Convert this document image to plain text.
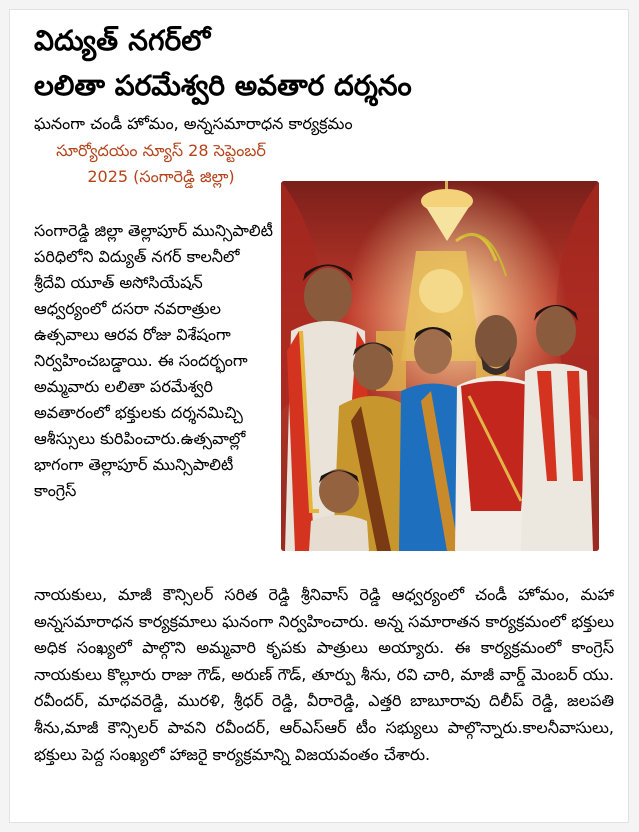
విద్యుత్ నగర్‌లో
లలితా పరమేశ్వరి అవతార దర్శనం
ఘనంగా చండీ హోమం, అన్నసమారాధన కార్యక్రమం
సూర్యోదయం న్యూస్ 28 సెప్టెంబర్ 2025 (సంగారెడ్డి జిల్లా)
సంగారెడ్డి జిల్లా తెల్లాపూర్ మున్సిపాలిటీ పరిధిలోని విద్యుత్ నగర్ కాలనీలో శ్రీదేవి యూత్ అసోసియేషన్ ఆధ్వర్యంలో దసరా నవరాత్రుల ఉత్సవాలు ఆరవ రోజు విశేషంగా నిర్వహించబడ్డాయి. ఈ సందర్భంగా అమ్మవారు లలితా పరమేశ్వరి అవతారంలో భక్తులకు దర్శనమిచ్చి ఆశీస్సులు కురిపించారు.ఉత్సవాల్లో భాగంగా తెల్లాపూర్ మున్సిపాలిటీ కాంగ్రెస్
నాయకులు, మాజీ కౌన్సిలర్ సరిత రెడ్డి శ్రీనివాస్ రెడ్డి ఆధ్వర్యంలో చండీ హోమం, మహా అన్నసమారాధన కార్యక్రమాలు ఘనంగా నిర్వహించారు. అన్న సమారాతన కార్యక్రమంలో భక్తులు అధిక సంఖ్యలో పాల్గొని అమ్మవారి కృపకు పాత్రులు అయ్యారు. ఈ కార్యక్రమంలో కాంగ్రెస్ నాయకులు కొల్లూరు రాజు గౌడ్, అరుణ్ గౌడ్, తూర్పు శీను, రవి చారి, మాజీ వార్డ్ మెంబర్ యు. రవీందర్, మాధవరెడ్డి, మురళి, శ్రీధర్ రెడ్డి, వీరారెడ్డి, ఎత్తరి బాబూరావు దిలీప్ రెడ్డి, జలపతి శీను,మాజీ కౌన్సిలర్ పావని రవీందర్, ఆర్ఎస్ఆర్ టీం సభ్యులు పాల్గొన్నారు.కాలనీవాసులు, భక్తులు పెద్ద సంఖ్యలో హాజరై కార్యక్రమాన్ని విజయవంతం చేశారు.
